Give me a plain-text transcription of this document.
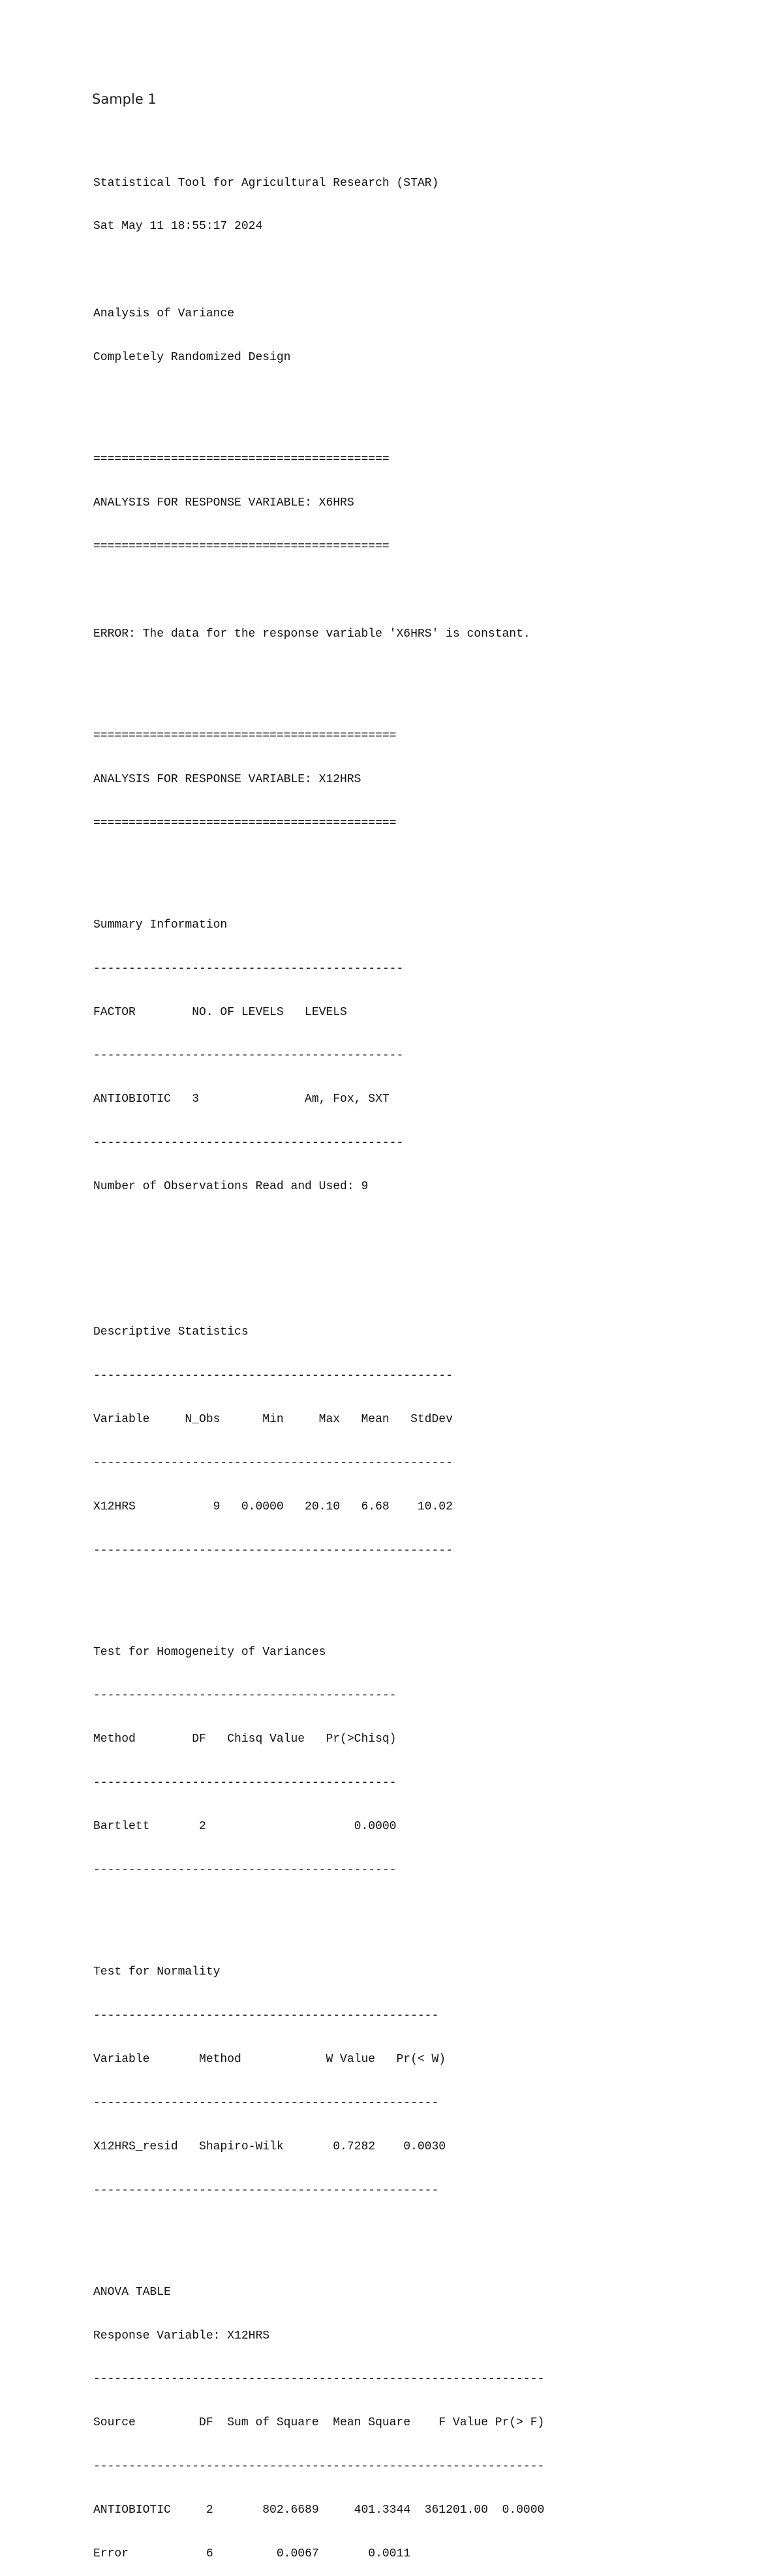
Sample 1

Statistical Tool for Agricultural Research (STAR)

Sat May 11 18:55:17 2024

Analysis of Variance

Completely Randomized Design

==========================================

ANALYSIS FOR RESPONSE VARIABLE: X6HRS

==========================================

ERROR: The data for the response variable 'X6HRS' is constant.

===========================================

ANALYSIS FOR RESPONSE VARIABLE: X12HRS

===========================================

Summary Information

--------------------------------------------

FACTOR        NO. OF LEVELS   LEVELS

--------------------------------------------

ANTIOBIOTIC   3               Am, Fox, SXT

--------------------------------------------

Number of Observations Read and Used: 9

Descriptive Statistics

---------------------------------------------------

Variable     N_Obs      Min     Max   Mean   StdDev

---------------------------------------------------

X12HRS           9   0.0000   20.10   6.68    10.02

---------------------------------------------------

Test for Homogeneity of Variances

-------------------------------------------

Method        DF   Chisq Value   Pr(>Chisq)

-------------------------------------------

Bartlett       2                     0.0000

-------------------------------------------

Test for Normality

-------------------------------------------------

Variable       Method            W Value   Pr(< W)

-------------------------------------------------

X12HRS_resid   Shapiro-Wilk       0.7282    0.0030

-------------------------------------------------

ANOVA TABLE

Response Variable: X12HRS

----------------------------------------------------------------

Source         DF  Sum of Square  Mean Square    F Value Pr(> F)

----------------------------------------------------------------

ANTIOBIOTIC     2       802.6689     401.3344  361201.00  0.0000

Error           6         0.0067       0.0011
